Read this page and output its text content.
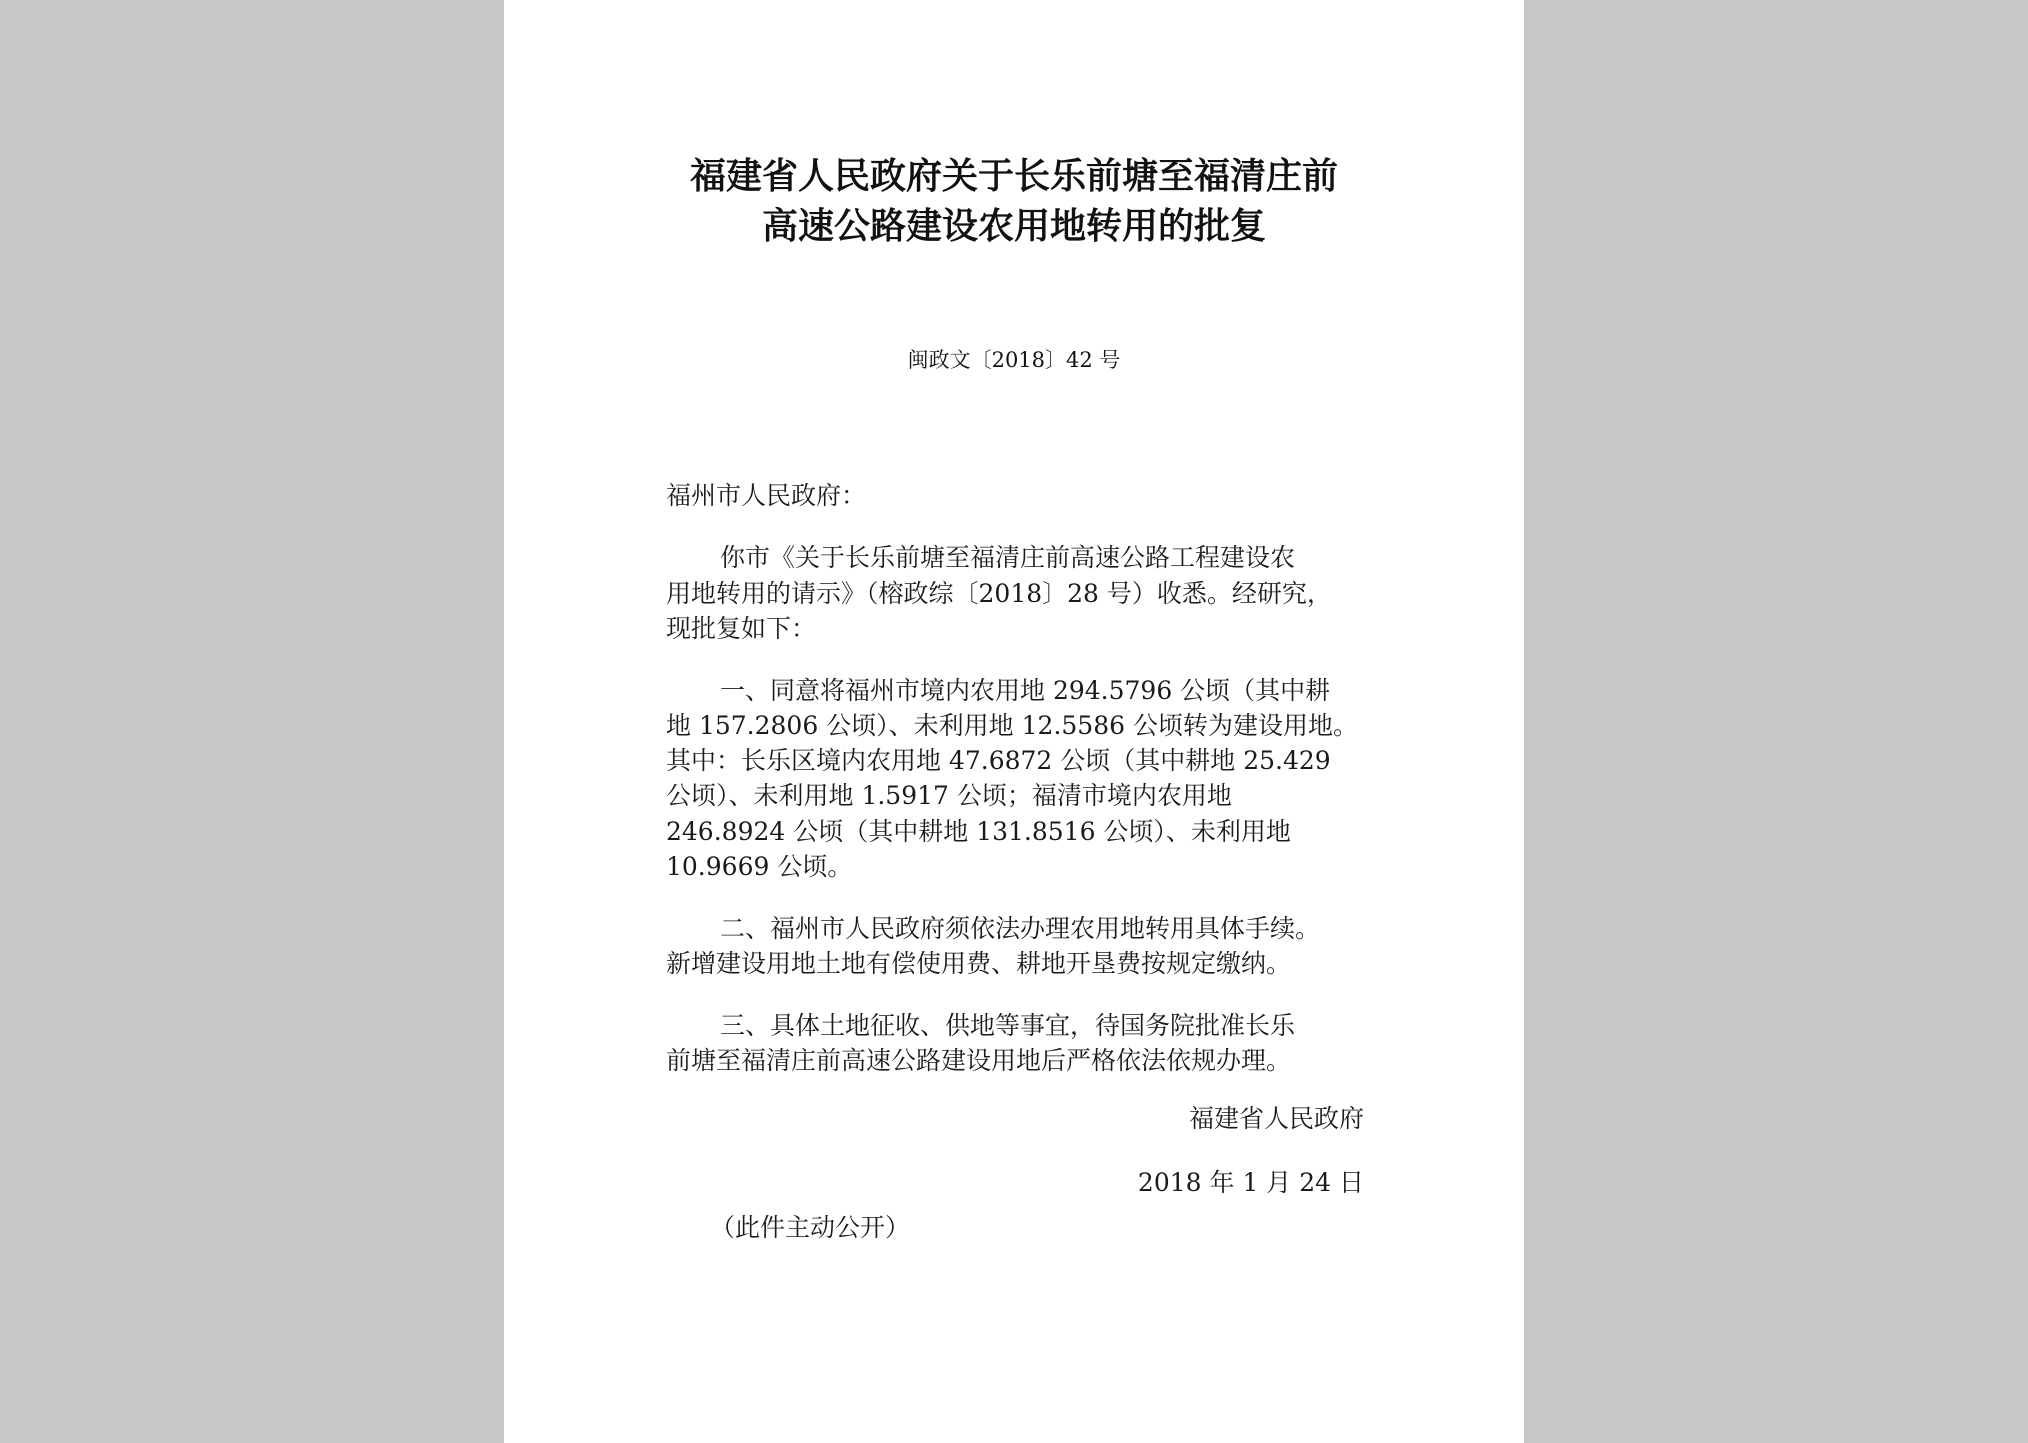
福建省人民政府关于长乐前塘至福清庄前
高速公路建设农用地转用的批复
闽政文〔2018〕42 号
福州市人民政府：
你市《关于长乐前塘至福清庄前高速公路工程建设农
用地转用的请示》（榕政综〔2018〕28 号）收悉。经研究，
现批复如下：
一、同意将福州市境内农用地 294.5796 公顷（其中耕
地 157.2806 公顷）、未利用地 12.5586 公顷转为建设用地。
其中：长乐区境内农用地 47.6872 公顷（其中耕地 25.429
公顷）、未利用地 1.5917 公顷；福清市境内农用地
246.8924 公顷（其中耕地 131.8516 公顷）、未利用地
10.9669 公顷。
二、福州市人民政府须依法办理农用地转用具体手续。
新增建设用地土地有偿使用费、耕地开垦费按规定缴纳。
三、具体土地征收、供地等事宜，待国务院批准长乐
前塘至福清庄前高速公路建设用地后严格依法依规办理。
福建省人民政府
2018 年 1 月 24 日
（此件主动公开）
